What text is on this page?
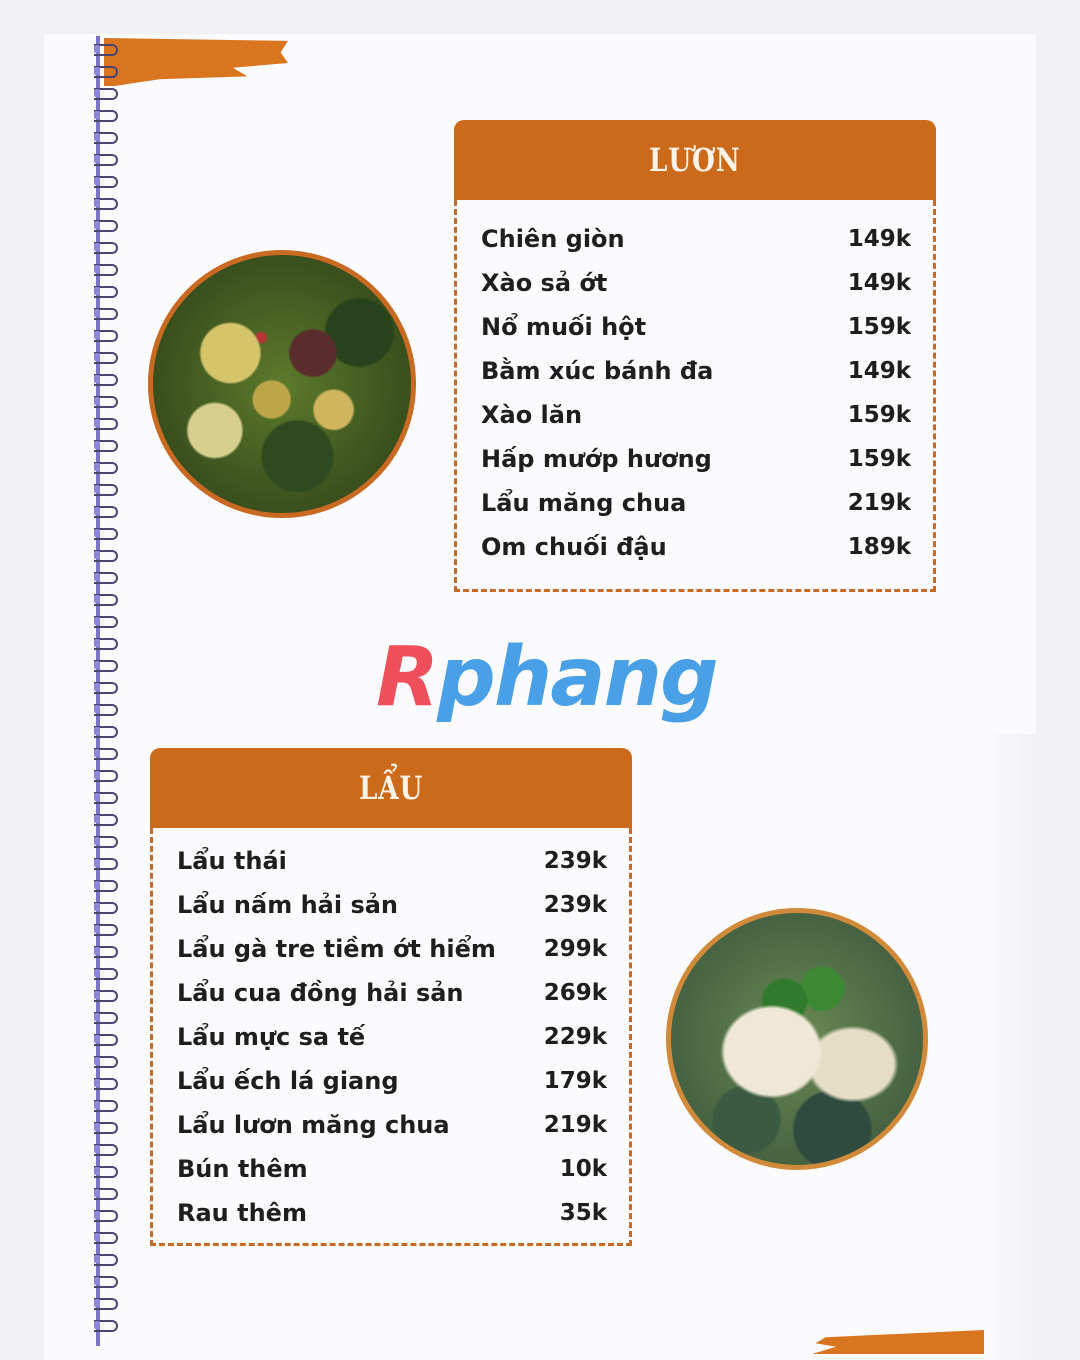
LƯƠN
Chiên giòn	149k
Xào sả ớt	149k
Nổ muối hột	159k
Bằm xúc bánh đa	149k
Xào lăn	159k
Hấp mướp hương	159k
Lẩu măng chua	219k
Om chuối đậu	189k
Rphang
LẨU
Lẩu thái	239k
Lẩu nấm hải sản	239k
Lẩu gà tre tiềm ớt hiểm 299k
Lẩu cua đồng hải sản	269k
Lẩu mực sa tế	229k
Lẩu ếch lá giang	179k
Lẩu lươn măng chua	219k
Bún thêm	10k
Rau thêm	35k
